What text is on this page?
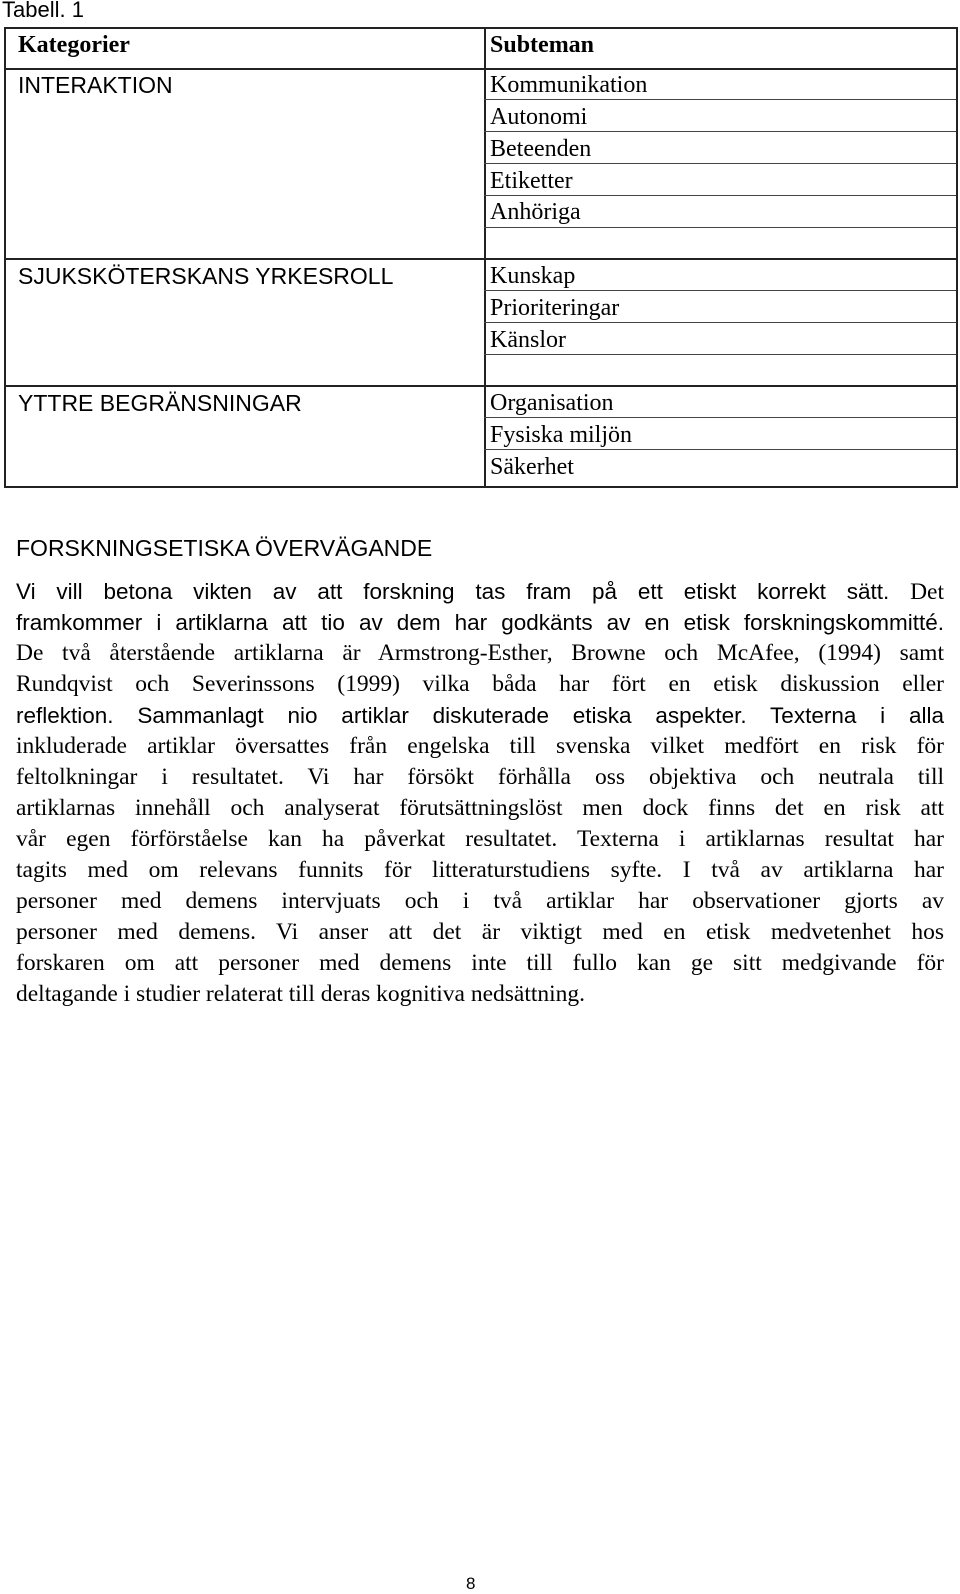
Tabell. 1
Kategorier	Subteman
INTERAKTION	Kommunikation
Autonomi
Beteenden
Etiketter
Anhöriga
SJUKSKÖTERSKANS YRKESROLL	Kunskap
Prioriteringar
Känslor
YTTRE BEGRÄNSNINGAR	Organisation
Fysiska miljön
Säkerhet
FORSKNINGSETISKA ÖVERVÄGANDE
Vi vill betona vikten av att forskning tas fram på ett etiskt korrekt sätt. Det
framkommer i artiklarna att tio av dem har godkänts av en etisk forskningskommitté.
De två återstående artiklarna är Armstrong-Esther, Browne och McAfee, (1994) samt
Rundqvist och Severinssons (1999) vilka båda har fört en etisk diskussion eller
reflektion. Sammanlagt nio artiklar diskuterade etiska aspekter. Texterna i alla
inkluderade artiklar översattes från engelska till svenska vilket medfört en risk för
feltolkningar i resultatet. Vi har försökt förhålla oss objektiva och neutrala till
artiklarnas innehåll och analyserat förutsättningslöst men dock finns det en risk att
vår egen förförståelse kan ha påverkat resultatet. Texterna i artiklarnas resultat har
tagits med om relevans funnits för litteraturstudiens syfte. I två av artiklarna har
personer med demens intervjuats och i två artiklar har observationer gjorts av
personer med demens. Vi anser att det är viktigt med en etisk medvetenhet hos
forskaren om att personer med demens inte till fullo kan ge sitt medgivande för
deltagande i studier relaterat till deras kognitiva nedsättning.
8
